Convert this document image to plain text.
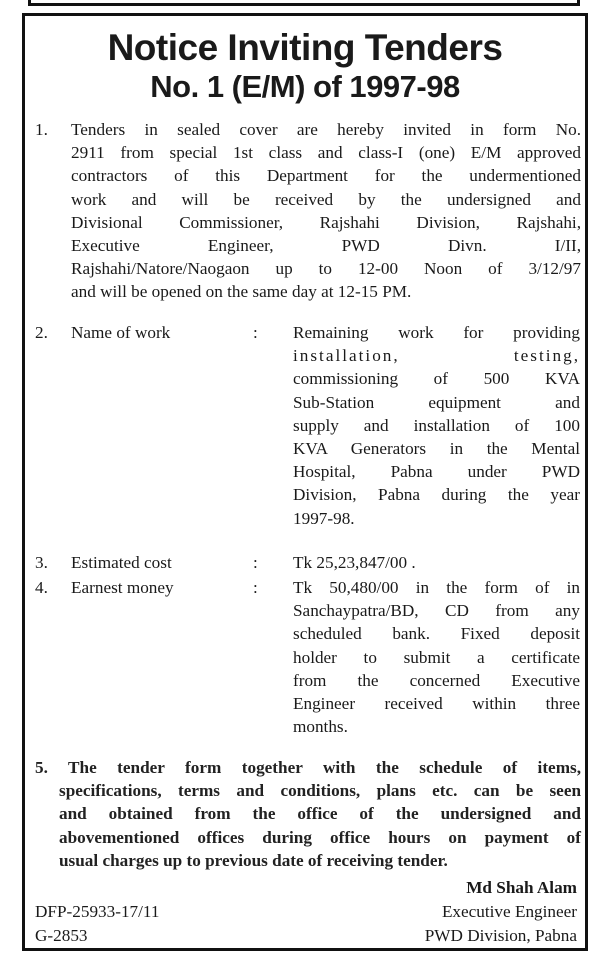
Notice Inviting Tenders
No. 1 (E/M) of 1997-98
1. Tenders in sealed cover are hereby invited in form No.
2911 from special 1st class and class-I (one) E/M approved
contractors of this Department for the undermentioned
work and will be received by the undersigned and
Divisional Commissioner, Rajshahi Division, Rajshahi,
Executive Engineer, PWD Divn. I/II,
Rajshahi/Natore/Naogaon up to 12-00 Noon of 3/12/97
and will be opened on the same day at 12-15 PM.
2. Name of work	: Remaining work for providing
installation, testing,
commissioning of 500 KVA
Sub-Station equipment and
supply and installation of 100
KVA Generators in the Mental
Hospital, Pabna under PWD
Division, Pabna during the year
1997-98.
3. Estimated cost	: Tk 25,23,847/00 .
4. Earnest money	: Tk 50,480/00 in the form of in
Sanchaypatra/BD, CD from any
scheduled bank. Fixed deposit
holder to submit a certificate
from the concerned Executive
Engineer received within three
months.
5. The tender form together with the schedule of items,
specifications, terms and conditions, plans etc. can be seen
and obtained from the office of the undersigned and
abovementioned offices during office hours on payment of
usual charges up to previous date of receiving tender.
Md Shah Alam
DFP-25933-17/11	Executive Engineer
G-2853	PWD Division, Pabna
